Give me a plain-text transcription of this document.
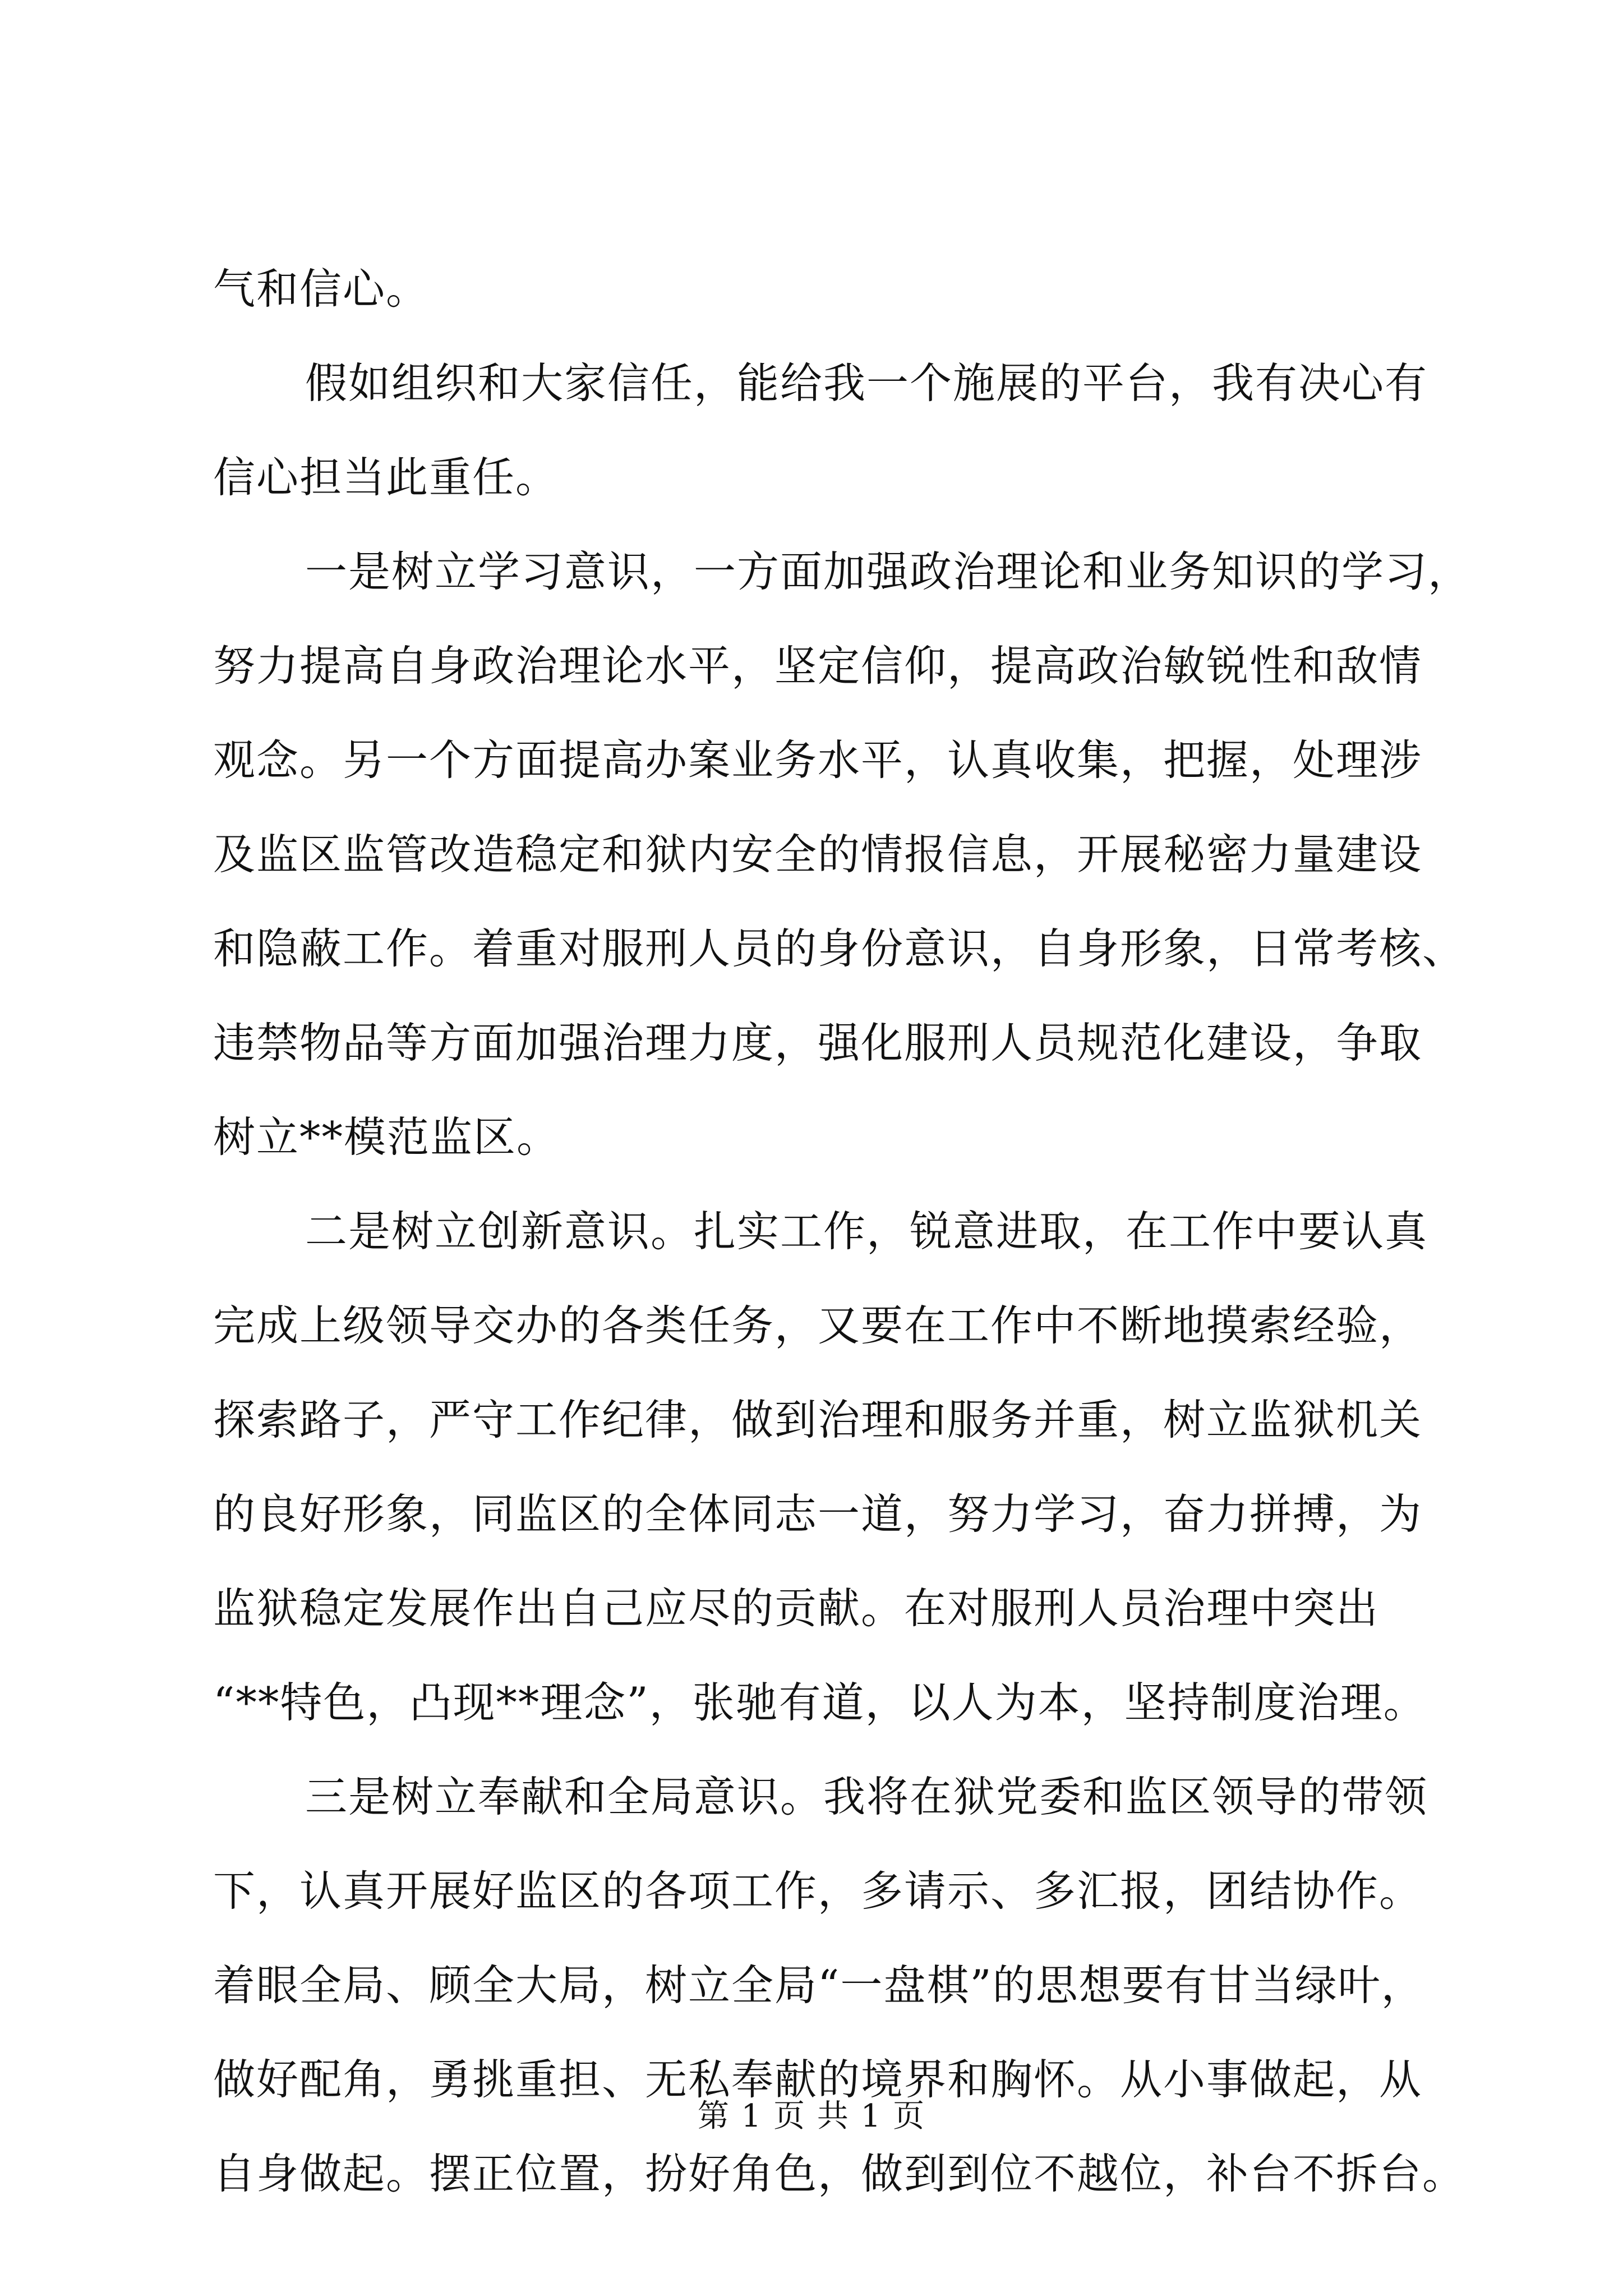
气和信心。
假如组织和大家信任，能给我一个施展的平台，我有决心有
信心担当此重任。
一是树立学习意识，一方面加强政治理论和业务知识的学习，
努力提高自身政治理论水平，坚定信仰，提高政治敏锐性和敌情
观念。另一个方面提高办案业务水平，认真收集，把握，处理涉
及监区监管改造稳定和狱内安全的情报信息，开展秘密力量建设
和隐蔽工作。着重对服刑人员的身份意识，自身形象，日常考核、
违禁物品等方面加强治理力度，强化服刑人员规范化建设，争取
树立**模范监区。
二是树立创新意识。扎实工作，锐意进取，在工作中要认真
完成上级领导交办的各类任务，又要在工作中不断地摸索经验，
探索路子，严守工作纪律，做到治理和服务并重，树立监狱机关
的良好形象，同监区的全体同志一道，努力学习，奋力拼搏，为
监狱稳定发展作出自己应尽的贡献。在对服刑人员治理中突出
“**特色，凸现**理念”，张驰有道，以人为本，坚持制度治理。
三是树立奉献和全局意识。我将在狱党委和监区领导的带领
下，认真开展好监区的各项工作，多请示、多汇报，团结协作。
着眼全局、顾全大局，树立全局“一盘棋”的思想要有甘当绿叶，
做好配角，勇挑重担、无私奉献的境界和胸怀。从小事做起，从
自身做起。摆正位置，扮好角色，做到到位不越位，补台不拆台。
第 1 页 共 1 页
